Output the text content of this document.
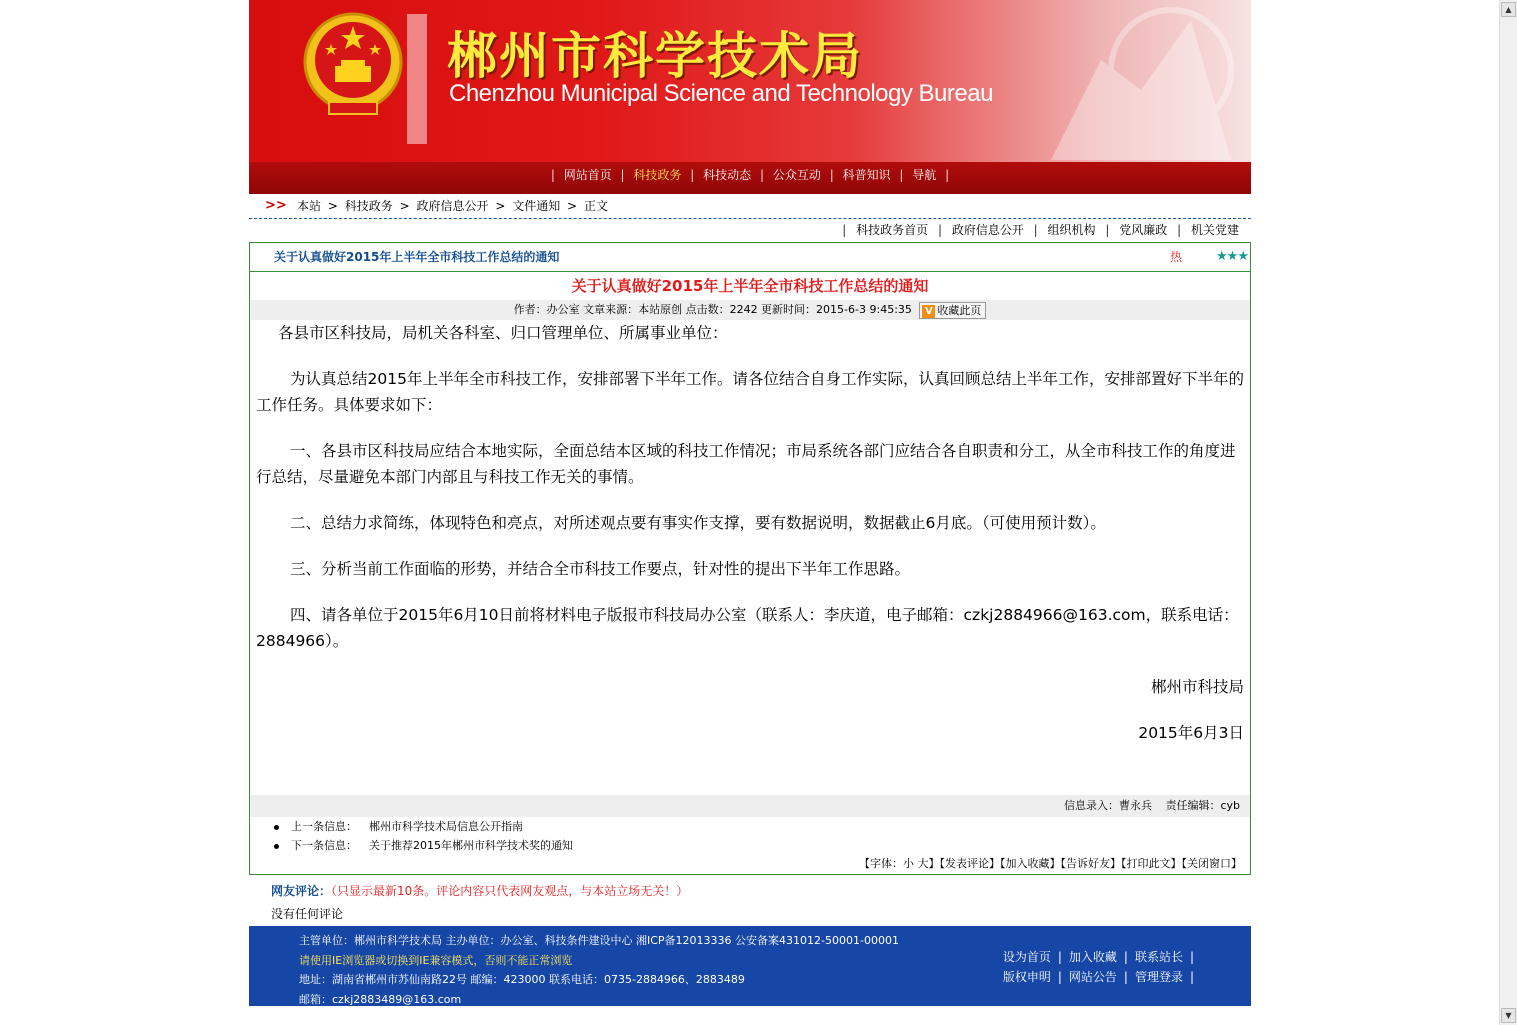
郴州市科学技术局
Chenzhou Municipal Science and Technology Bureau
| 网站首页 | 科技政务 | 科技动态 | 公众互动 | 科普知识 | 导航 |
>> 本站 > 科技政务 > 政府信息公开 > 文件通知 > 正文
| 科技政务首页 | 政府信息公开 | 组织机构 | 党风廉政 | 机关党建
关于认真做好2015年上半年全市科技工作总结的通知	热	★★★
关于认真做好2015年上半年全市科技工作总结的通知
作者：办公室 文章来源：本站原创 点击数：2242 更新时间：2015-6-3 9:45:35 V 收藏此页

各县市区科技局，局机关各科室、归口管理单位、所属事业单位：

为认真总结2015年上半年全市科技工作，安排部署下半年工作。请各位结合自身工作实际，认真回顾总结上半年工作，安排部置好下半年的工作任务。具体要求如下：

一、各县市区科技局应结合本地实际，全面总结本区域的科技工作情况；市局系统各部门应结合各自职责和分工，从全市科技工作的角度进行总结，尽量避免本部门内部且与科技工作无关的事情。

二、总结力求简练，体现特色和亮点，对所述观点要有事实作支撑，要有数据说明，数据截止6月底。（可使用预计数）。

三、分析当前工作面临的形势，并结合全市科技工作要点，针对性的提出下半年工作思路。

四、请各单位于2015年6月10日前将材料电子版报市科技局办公室（联系人：李庆道，电子邮箱：czkj2884966@163.com，联系电话：2884966）。

郴州市科技局

2015年6月3日

信息录入：曹永兵 责任编辑：cyb
上一条信息： 郴州市科学技术局信息公开指南
下一条信息： 关于推荐2015年郴州市科学技术奖的通知
【字体：小 大】【发表评论】【加入收藏】【告诉好友】【打印此文】【关闭窗口】
网友评论：（只显示最新10条。评论内容只代表网友观点，与本站立场无关！）
没有任何评论
主管单位：郴州市科学技术局 主办单位：办公室、科技条件建设中心 湘ICP备12013336 公安备案431012-50001-00001
请使用IE浏览器或切换到IE兼容模式，否则不能正常浏览
地址：湖南省郴州市苏仙南路22号 邮编：423000 联系电话：0735-2884966、2883489
邮箱：czkj2883489@163.com
设为首页 | 加入收藏 | 联系站长 |
版权申明 | 网站公告 | 管理登录 |
▲
▼
